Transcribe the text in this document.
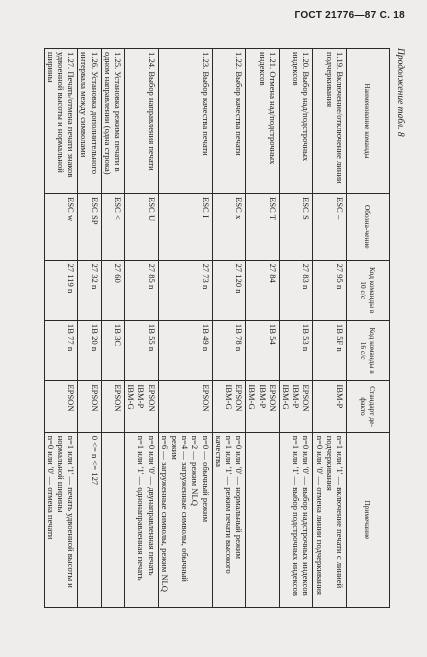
ГОСТ 21776—87 С. 18
Продолжение табл. 8
Наименование команды	Обозна-чение	Код команды в 10 с/с	Код команды в 16 с/с	Стандарт де-факто	Примечание
1.19. Включение/отключение линии подчеркивания	ESC –	27 95 n	1B 5F n	IBM-P	n=1 или '1' — включение печати с линией подчеркивания
n=0 или '0' — отмена линии подчеркивания

1.20. Выбор над/подстрочных индексов	ESC S	27 83 n	1B 53 n	EPSON
IBM-P
IBM-G	n=0 или '0' — выбор надстрочных индексов
n=1 или '1' — выбор подстрочных индексов

1.21. Отмена над/подстрочных индексов	ESC T	27 84	1B 54	EPSON
IBM-P
IBM-G	

1.22. Выбор качества печати	ESC x	27 120 n	1B 78 n	EPSON
IBM-G	n=0 или '0' — нормальный режим
n=1 или '1' — режим печати высокого качества

1.23. Выбор качества печати	ESC I	27 73 n	1B 49 n	EPSON	n=0 — обычный режим
n=2 — режим NLQ
n=4 — загруженные символы, обычный режим
n=6 — загруженные символы, режим NLQ

1.24. Выбор направления печати	ESC U	27 85 n	1B 55 n	EPSON
IBM-P
IBM-G	n=0 или '0' — двунаправленная печать
n=1 или '1' — однонаправленная печать

1.25. Установка режима печати в одном направлении (одна строка)	ESC <	27 60	1B 3C	EPSON	

1.26. Установка дополнительного интервала между символами	ESC SP	27 32 n	1B 20 n	EPSON	0 <= n <= 127

1.27. Печать/отмена печати знаков удвоенной высоты и нормальной ширины	ESC w	27 119 n	1B 77 n	EPSON	n=1 или '1' — печать удвоенной высоты и нормальной ширины
n=0 или '0' — отмена печати
